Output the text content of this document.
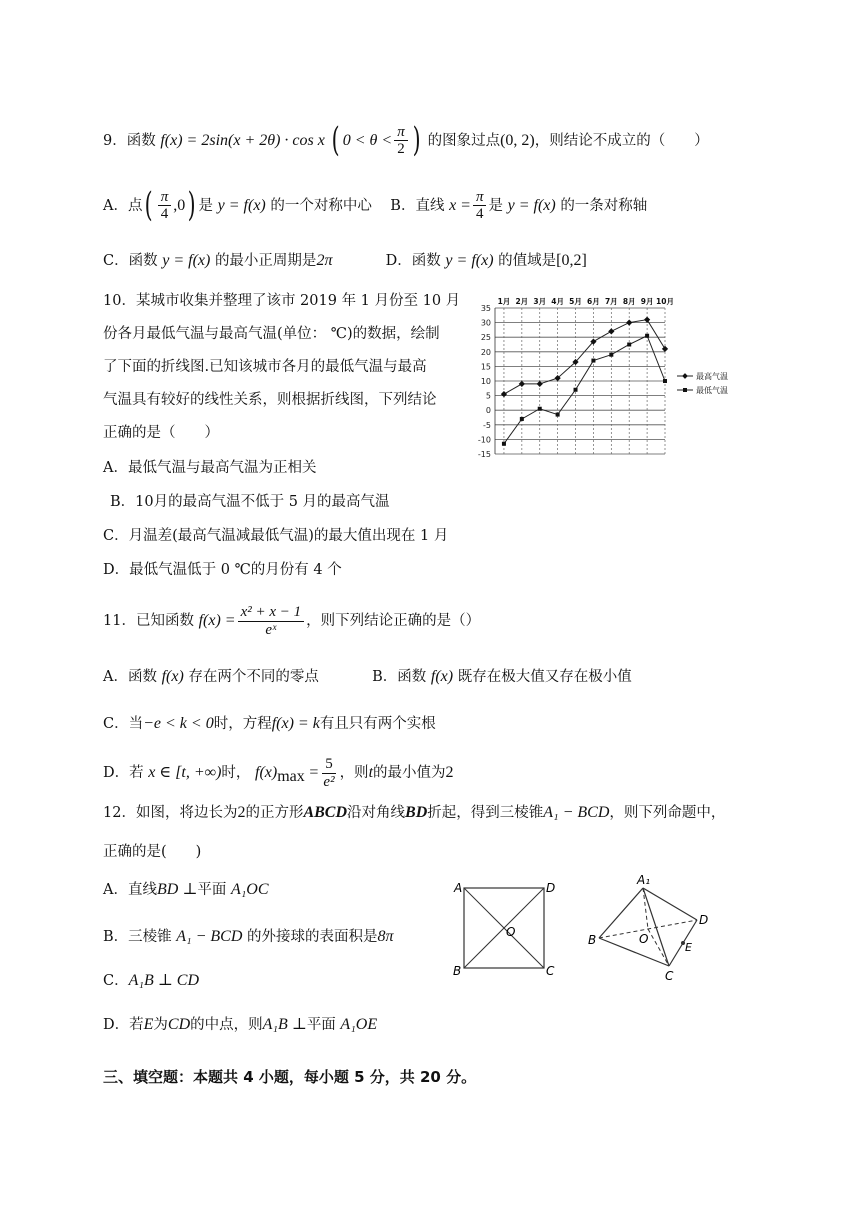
9．函数 f(x) = 2sin(x + 2θ) · cos x ( $0 < \theta < \frac{\pi}{2}$ ) 的图象过点(0, 2)，则结论不成立的（　　）
A．点( $\frac{\pi}{4} ,0$) 是 y = f(x) 的一个对称中心 B．直线 $x = \frac{\pi}{4}$ 是 y = f(x) 的一条对称轴
C．函数 y = f(x) 的最小正周期是2π	D．函数 y = f(x) 的值域是[0,2]
10．某城市收集并整理了该市 2019 年 1 月份至 10 月
份各月最低气温与最高气温(单位： ℃)的数据，绘制
了下面的折线图.已知该城市各月的最低气温与最高
气温具有较好的线性关系，则根据折线图，下列结论
正确的是（　　）
A．最低气温与最高气温为正相关
B．10月的最高气温不低于 5 月的最高气温
C．月温差(最高气温减最低气温)的最大值出现在 1 月
D．最低气温低于 0 ℃的月份有 4 个
35
30
25
20
15
10
5
0
-5
-10
-15
1月 2月 3月 4月 5月 6月 7月 8月 9月 10月
最高气温
最低气温
11．已知函数 $f(x) = \frac{\text{x² + x − 1}}{\text{eˣ}}$ ，则下列结论正确的是（）
A．函数 f(x) 存在两个不同的零点	B．函数 f(x) 既存在极大值又存在极小值
C．当−e < k < 0时，方程f(x) = k有且只有两个实根
D．若 x ∈ [t, +∞)时， $f(x)_{max} = \frac{5}{\text{e²}}$ ，则t的最小值为2
12．如图，将边长为2的正方形ABCD沿对角线BD折起，得到三棱锥A₁ − BCD，则下列命题中，
正确的是(　　)
A．直线BD ⊥平面 A₁OC
B．三棱锥 A₁ − BCD 的外接球的表面积是8π
C．A₁B ⊥ CD
D．若E为CD的中点，则A₁B ⊥平面 A₁OE
A	D
B	C
O
A₁
B
D
C
O
E
三、填空题：本题共 4 小题，每小题 5 分，共 20 分。
